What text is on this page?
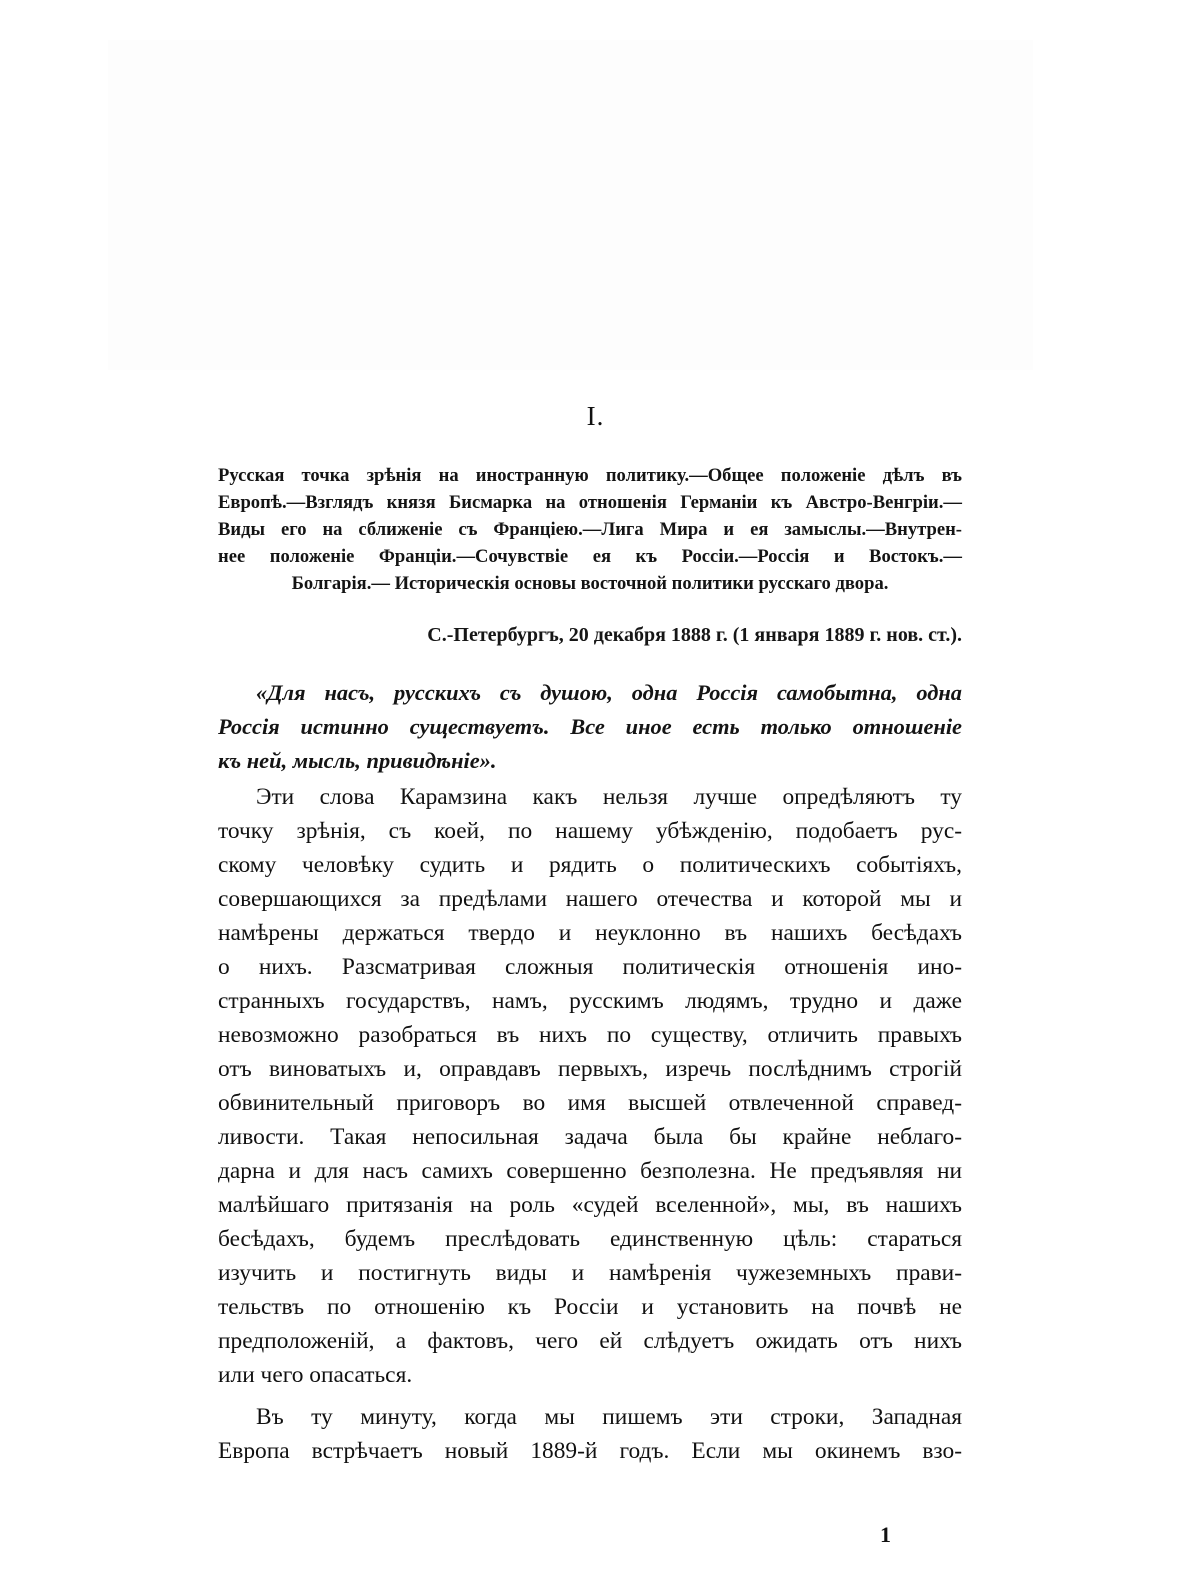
I.
Русская точка зрѣнія на иностранную политику.—Общее положеніе дѣлъ въ
Европѣ.—Взглядъ князя Бисмарка на отношенія Германіи къ Австро-Венгріи.—
Виды его на сближеніе съ Франціею.—Лига Мира и ея замыслы.—Внутрен-
нее положеніе Франціи.—Сочувствіе ея къ Россіи.—Россія и Востокъ.—
Болгарія.— Историческія основы восточной политики русскаго двора.
С.-Петербургъ, 20 декабря 1888 г. (1 января 1889 г. нов. ст.).
«Для насъ, русскихъ съ душою, одна Россія самобытна, одна
Россія истинно существуетъ. Все иное есть только отношеніе
къ ней, мысль, привидѣніе».
Эти слова Карамзина какъ нельзя лучше опредѣляютъ ту
точку зрѣнія, съ коей, по нашему убѣжденію, подобаетъ рус-
скому человѣку судить и рядить о политическихъ событіяхъ,
совершающихся за предѣлами нашего отечества и которой мы и
намѣрены держаться твердо и неуклонно въ нашихъ бесѣдахъ
о нихъ. Разсматривая сложныя политическія отношенія ино-
странныхъ государствъ, намъ, русскимъ людямъ, трудно и даже
невозможно разобраться въ нихъ по существу, отличить правыхъ
отъ виноватыхъ и, оправдавъ первыхъ, изречь послѣднимъ строгій
обвинительный приговоръ во имя высшей отвлеченной справед-
ливости. Такая непосильная задача была бы крайне неблаго-
дарна и для насъ самихъ совершенно безполезна. Не предъявляя ни
малѣйшаго притязанія на роль «судей вселенной», мы, въ нашихъ
бесѣдахъ, будемъ преслѣдовать единственную цѣль: стараться
изучить и постигнуть виды и намѣренія чужеземныхъ прави-
тельствъ по отношенію къ Россіи и установить на почвѣ не
предположеній, а фактовъ, чего ей слѣдуетъ ожидать отъ нихъ
или чего опасаться.
Въ ту минуту, когда мы пишемъ эти строки, Западная
Европа встрѣчаетъ новый 1889-й годъ. Если мы окинемъ взо-
1
